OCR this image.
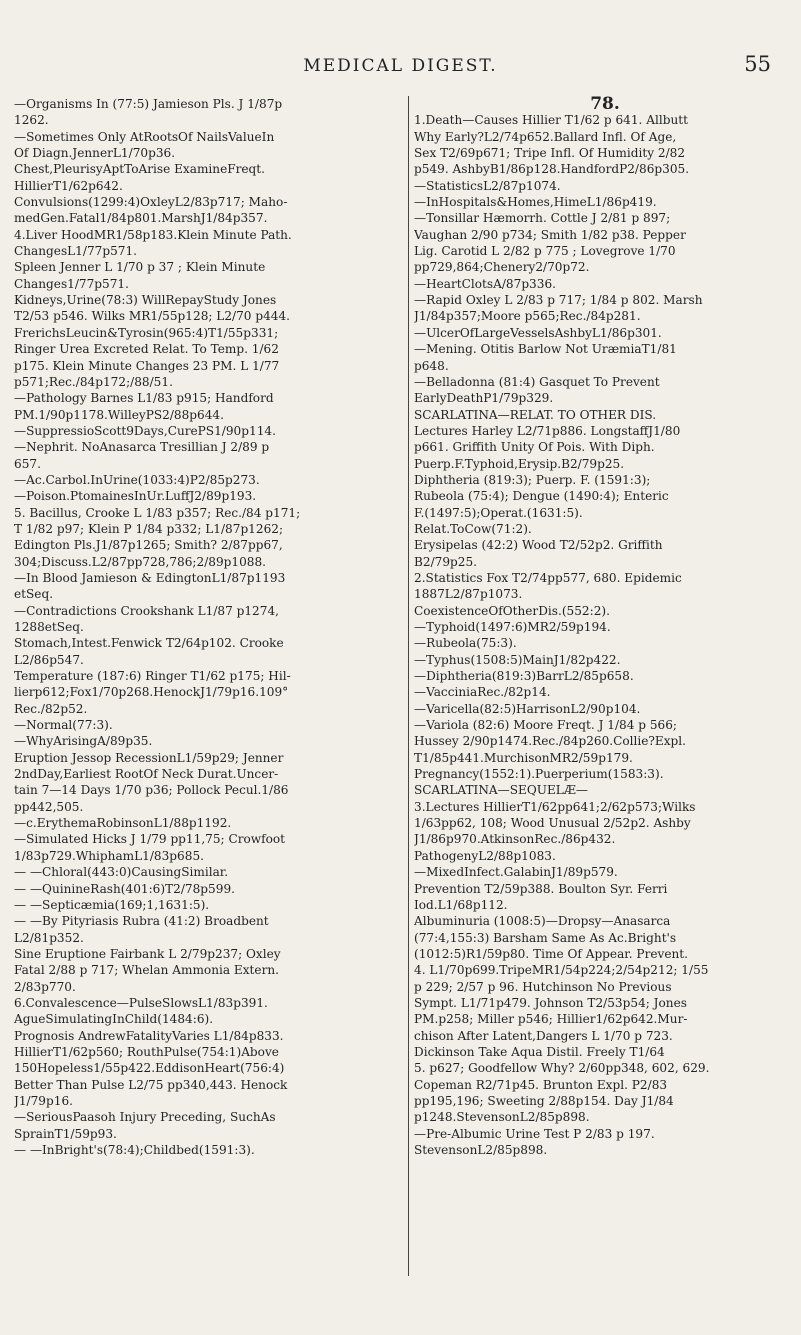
MEDICAL DIGEST.	55
—Organisms In (77:5) Jamieson Pls. J 1/87p
1262.
—Sometimes Only AtRootsOf NailsValueIn
Of Diagn.JennerL1/70p36.
Chest,PleurisyAptToArise ExamineFreqt.
HillierT1/62p642.
Convulsions(1299:4)OxleyL2/83p717; Maho-
medGen.Fatal1/84p801.MarshJ1/84p357.
4.Liver HoodMR1/58p183.Klein Minute Path.
ChangesL1/77p571.
Spleen Jenner L 1/70 p 37 ; Klein Minute
Changes1/77p571.
Kidneys,Urine(78:3) WillRepayStudy Jones
T2/53 p546. Wilks MR1/55p128; L2/70 p444.
FrerichsLeucin&Tyrosin(965:4)T1/55p331;
Ringer Urea Excreted Relat. To Temp. 1/62
p175. Klein Minute Changes 23 PM. L 1/77
p571;Rec./84p172;/88/51.
—Pathology Barnes L1/83 p915; Handford
PM.1/90p1178.WilleyPS2/88p644.
—SuppressioScott9Days,CurePS1/90p114.
—Nephrit. NoAnasarca Tresillian J 2/89 p
657.
—Ac.Carbol.InUrine(1033:4)P2/85p273.
—Poison.PtomainesInUr.LuffJ2/89p193.
5. Bacillus, Crooke L 1/83 p357; Rec./84 p171;
T 1/82 p97; Klein P 1/84 p332; L1/87p1262;
Edington Pls.J1/87p1265; Smith? 2/87pp67,
304;Discuss.L2/87pp728,786;2/89p1088.
—In Blood Jamieson & EdingtonL1/87p1193
etSeq.
—Contradictions Crookshank L1/87 p1274,
1288etSeq.
Stomach,Intest.Fenwick T2/64p102. Crooke
L2/86p547.
Temperature (187:6) Ringer T1/62 p175; Hil-
lierp612;Fox1/70p268.HenockJ1/79p16.109°
Rec./82p52.
—Normal(77:3).
—WhyArisingA/89p35.
Eruption Jessop RecessionL1/59p29; Jenner
2ndDay,Earliest RootOf Neck Durat.Uncer-
tain 7—14 Days 1/70 p36; Pollock Pecul.1/86
pp442,505.
—c.ErythemaRobinsonL1/88p1192.
—Simulated Hicks J 1/79 pp11,75; Crowfoot
1/83p729.WhiphamL1/83p685.
— —Chloral(443:0)CausingSimilar.
— —QuinineRash(401:6)T2/78p599.
— —Septicæmia(169;1,1631:5).
— —By Pityriasis Rubra (41:2) Broadbent
L2/81p352.
Sine Eruptione Fairbank L 2/79p237; Oxley
Fatal 2/88 p 717; Whelan Ammonia Extern.
2/83p770.
6.Convalescence—PulseSlowsL1/83p391.
AgueSimulatingInChild(1484:6).
Prognosis AndrewFatalityVaries L1/84p833.
HillierT1/62p560; RouthPulse(754:1)Above
150Hopeless1/55p422.EddisonHeart(756:4)
Better Than Pulse L2/75 pp340,443. Henock
J1/79p16.
—SeriousPaasoh Injury Preceding, SuchAs
SprainT1/59p93.
— —InBright's(78:4);Childbed(1591:3).
78.
1.Death—Causes Hillier T1/62 p 641. Allbutt
Why Early?L2/74p652.Ballard Infl. Of Age,
Sex T2/69p671; Tripe Infl. Of Humidity 2/82
p549. AshbyB1/86p128.HandfordP2/86p305.
—StatisticsL2/87p1074.
—InHospitals&Homes,HimeL1/86p419.
—Tonsillar Hæmorrh. Cottle J 2/81 p 897;
Vaughan 2/90 p734; Smith 1/82 p38. Pepper
Lig. Carotid L 2/82 p 775 ; Lovegrove 1/70
pp729,864;Chenery2/70p72.
—HeartClotsA/87p336.
—Rapid Oxley L 2/83 p 717; 1/84 p 802. Marsh
J1/84p357;Moore p565;Rec./84p281.
—UlcerOfLargeVesselsAshbyL1/86p301.
—Mening. Otitis Barlow Not UræmiaT1/81
p648.
—Belladonna (81:4) Gasquet To Prevent
EarlyDeathP1/79p329.
SCARLATINA—RELAT. TO OTHER DIS.
Lectures Harley L2/71p886. LongstaffJ1/80
p661. Griffith Unity Of Pois. With Diph.
Puerp.F.Typhoid,Erysip.B2/79p25.
Diphtheria (819:3); Puerp. F. (1591:3);
Rubeola (75:4); Dengue (1490:4); Enteric
F.(1497:5);Operat.(1631:5).
Relat.ToCow(71:2).
Erysipelas (42:2) Wood T2/52p2. Griffith
B2/79p25.
2.Statistics Fox T2/74pp577, 680. Epidemic
1887L2/87p1073.
CoexistenceOfOtherDis.(552:2).
—Typhoid(1497:6)MR2/59p194.
—Rubeola(75:3).
—Typhus(1508:5)MainJ1/82p422.
—Diphtheria(819:3)BarrL2/85p658.
—VacciniaRec./82p14.
—Varicella(82:5)HarrisonL2/90p104.
—Variola (82:6) Moore Freqt. J 1/84 p 566;
Hussey 2/90p1474.Rec./84p260.Collie?Expl.
T1/85p441.MurchisonMR2/59p179.
Pregnancy(1552:1).Puerperium(1583:3).
SCARLATINA—SEQUELÆ—
3.Lectures HillierT1/62pp641;2/62p573;Wilks
1/63pp62, 108; Wood Unusual 2/52p2. Ashby
J1/86p970.AtkinsonRec./86p432.
PathogenyL2/88p1083.
—MixedInfect.GalabinJ1/89p579.
Prevention T2/59p388. Boulton Syr. Ferri
Iod.L1/68p112.
Albuminuria (1008:5)—Dropsy—Anasarca
(77:4,155:3) Barsham Same As Ac.Bright's
(1012:5)R1/59p80. Time Of Appear. Prevent.
4. L1/70p699.TripeMR1/54p224;2/54p212; 1/55
p 229; 2/57 p 96. Hutchinson No Previous
Sympt. L1/71p479. Johnson T2/53p54; Jones
PM.p258; Miller p546; Hillier1/62p642.Mur-
chison After Latent,Dangers L 1/70 p 723.
Dickinson Take Aqua Distil. Freely T1/64
5. p627; Goodfellow Why? 2/60pp348, 602, 629.
Copeman R2/71p45. Brunton Expl. P2/83
pp195,196; Sweeting 2/88p154. Day J1/84
p1248.StevensonL2/85p898.
—Pre-Albumic Urine Test P 2/83 p 197.
StevensonL2/85p898.
